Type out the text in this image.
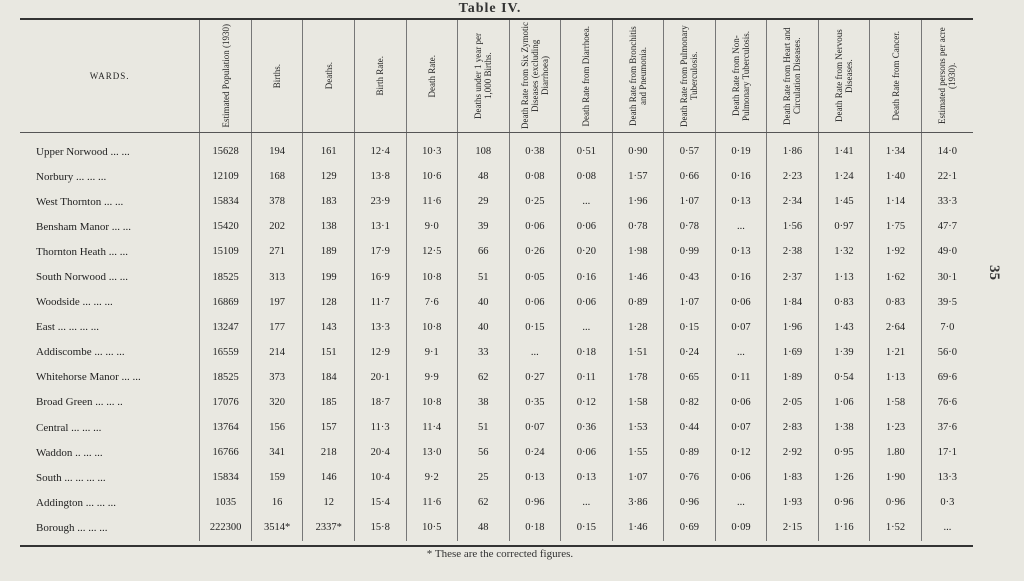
Table IV.
35
WARDS.	Estimated Population (1930)	Births.	Deaths.	Birth Rate.	Death Rate.	Deaths under 1 year per 1,000 Births.	Death Rate from Six Zymotic Diseases (excluding Diarrhoea)	Death Rate from Diarrhoea.	Death Rate from Bronchitis and Pneumonia.	Death Rate from Pulmonary Tuberculosis.	Death Rate from Non-Pulmonary Tuberculosis.	Death Rate from Heart and Circulation Diseases.	Death Rate from Nervous Diseases.	Death Rate from Cancer.	Estimated persons per acre (1930).

Upper Norwood ... ...	15628	194	161	12·4	10·3	108	0·38	0·51	0·90	0·57	0·19	1·86	1·41	1·34	14·0
Norbury ... ... ...	12109	168	129	13·8	10·6	48	0·08	0·08	1·57	0·66	0·16	2·23	1·24	1·40	22·1
West Thornton ... ...	15834	378	183	23·9	11·6	29	0·25	...	1·96	1·07	0·13	2·34	1·45	1·14	33·3
Bensham Manor ... ...	15420	202	138	13·1	9·0	39	0·06	0·06	0·78	0·78	...	1·56	0·97	1·75	47·7
Thornton Heath ... ...	15109	271	189	17·9	12·5	66	0·26	0·20	1·98	0·99	0·13	2·38	1·32	1·92	49·0
South Norwood ... ...	18525	313	199	16·9	10·8	51	0·05	0·16	1·46	0·43	0·16	2·37	1·13	1·62	30·1
Woodside ... ... ...	16869	197	128	11·7	7·6	40	0·06	0·06	0·89	1·07	0·06	1·84	0·83	0·83	39·5
East ... ... ... ...	13247	177	143	13·3	10·8	40	0·15	...	1·28	0·15	0·07	1·96	1·43	2·64	7·0
Addiscombe ... ... ...	16559	214	151	12·9	9·1	33	...	0·18	1·51	0·24	...	1·69	1·39	1·21	56·0
Whitehorse Manor ... ...	18525	373	184	20·1	9·9	62	0·27	0·11	1·78	0·65	0·11	1·89	0·54	1·13	69·6
Broad Green ... ... ..	17076	320	185	18·7	10·8	38	0·35	0·12	1·58	0·82	0·06	2·05	1·06	1·58	76·6
Central ... ... ...	13764	156	157	11·3	11·4	51	0·07	0·36	1·53	0·44	0·07	2·83	1·38	1·23	37·6
Waddon .. ... ...	16766	341	218	20·4	13·0	56	0·24	0·06	1·55	0·89	0·12	2·92	0·95	1.80	17·1
South ... ... ... ...	15834	159	146	10·4	9·2	25	0·13	0·13	1·07	0·76	0·06	1·83	1·26	1·90	13·3
Addington ... ... ...	1035	16	12	15·4	11·6	62	0·96	...	3·86	0·96	...	1·93	0·96	0·96	0·3
Borough ... ... ...	222300	3514*	2337*	15·8	10·5	48	0·18	0·15	1·46	0·69	0·09	2·15	1·16	1·52	...
* These are the corrected figures.
